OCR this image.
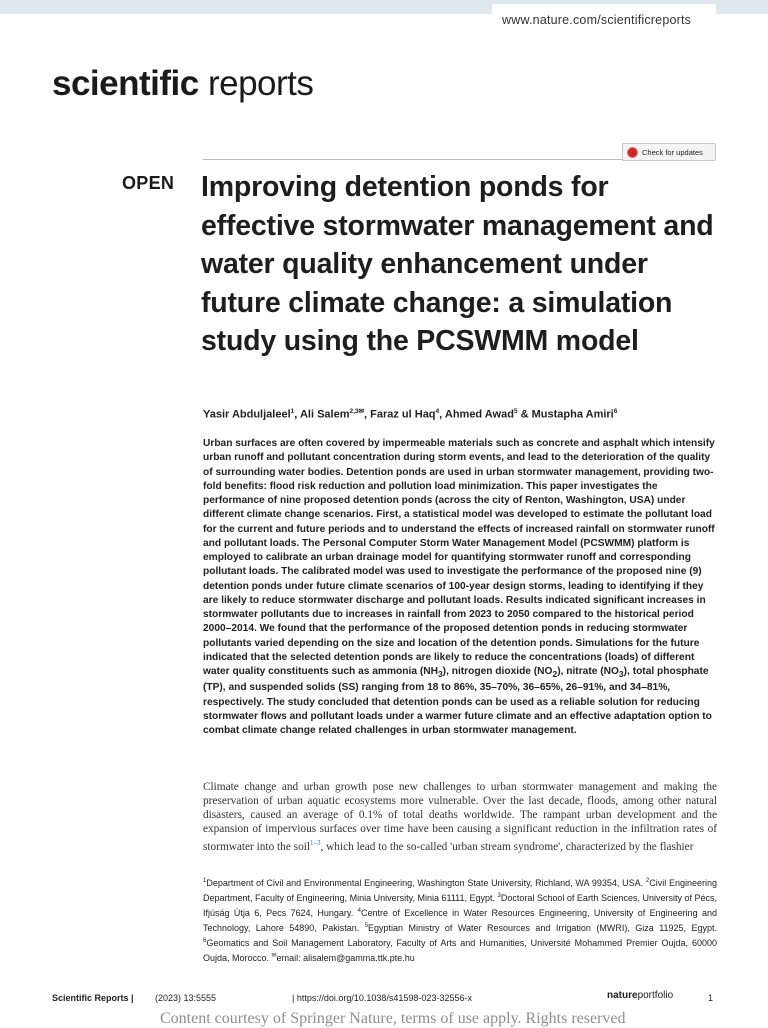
www.nature.com/scientificreports
scientific reports
Check for updates
OPEN Improving detention ponds for effective stormwater management and water quality enhancement under future climate change: a simulation study using the PCSWMM model
Yasir Abduljaleel$^1$, Ali Salem$^{2,3✉}$, Faraz ul Haq$^4$, Ahmed Awad$^5$ & Mustapha Amiri$^6$

Urban surfaces are often covered by impermeable materials such as concrete and asphalt which intensify urban runoff and pollutant concentration during storm events, and lead to the deterioration of the quality of surrounding water bodies. Detention ponds are used in urban stormwater management, providing two-fold benefits: flood risk reduction and pollution load minimization. This paper investigates the performance of nine proposed detention ponds (across the city of Renton, Washington, USA) under different climate change scenarios. First, a statistical model was developed to estimate the pollutant load for the current and future periods and to understand the effects of increased rainfall on stormwater runoff and pollutant loads. The Personal Computer Storm Water Management Model (PCSWMM) platform is employed to calibrate an urban drainage model for quantifying stormwater runoff and corresponding pollutant loads. The calibrated model was used to investigate the performance of the proposed nine (9) detention ponds under future climate scenarios of 100-year design storms, leading to identifying if they are likely to reduce stormwater discharge and pollutant loads. Results indicated significant increases in stormwater pollutants due to increases in rainfall from 2023 to 2050 compared to the historical period 2000–2014. We found that the performance of the proposed detention ponds in reducing stormwater pollutants varied depending on the size and location of the detention ponds. Simulations for the future indicated that the selected detention ponds are likely to reduce the concentrations (loads) of different water quality constituents such as ammonia $(NH_3)$, nitrogen dioxide $(NO_2)$, nitrate $(NO_3)$, total phosphate (TP), and suspended solids (SS) ranging from 18 to 86%, 35–70%, 36–65%, 26–91%, and 34–81%, respectively. The study concluded that detention ponds can be used as a reliable solution for reducing stormwater flows and pollutant loads under a warmer future climate and an effective adaptation option to combat climate change related challenges in urban stormwater management.

Climate change and urban growth pose new challenges to urban stormwater management and making the preservation of urban aquatic ecosystems more vulnerable. Over the last decade, floods, among other natural disasters, caused an average of 0.1% of total deaths worldwide. The rampant urban development and the expansion of impervious surfaces over time have been causing a significant reduction in the infiltration rates of stormwater into the soil$^{1-3}$, which lead to the so-called 'urban stream syndrome', characterized by the flashier

$^1$Department of Civil and Environmental Engineering, Washington State University, Richland, WA 99354, USA. $^2$Civil Engineering Department, Faculty of Engineering, Minia University, Minia 61111, Egypt. $^3$Doctoral School of Earth Sciences, University of Pécs, Ifjúság Útja 6, Pecs 7624, Hungary. $^4$Centre of Excellence in Water Resources Engineering, University of Engineering and Technology, Lahore 54890, Pakistan. $^5$Egyptian Ministry of Water Resources and Irrigation (MWRI), Giza 11925, Egypt. $^6$Geomatics and Soil Management Laboratory, Faculty of Arts and Humanities, Université Mohammed Premier Oujda, 60000 Oujda, Morocco. ✉email: alisalem@gamma.ttk.pte.hu

Scientific Reports | (2023) 13:5555	| https://doi.org/10.1038/s41598-023-32556-x	natureportfolio	1
Content courtesy of Springer Nature, terms of use apply. Rights reserved
